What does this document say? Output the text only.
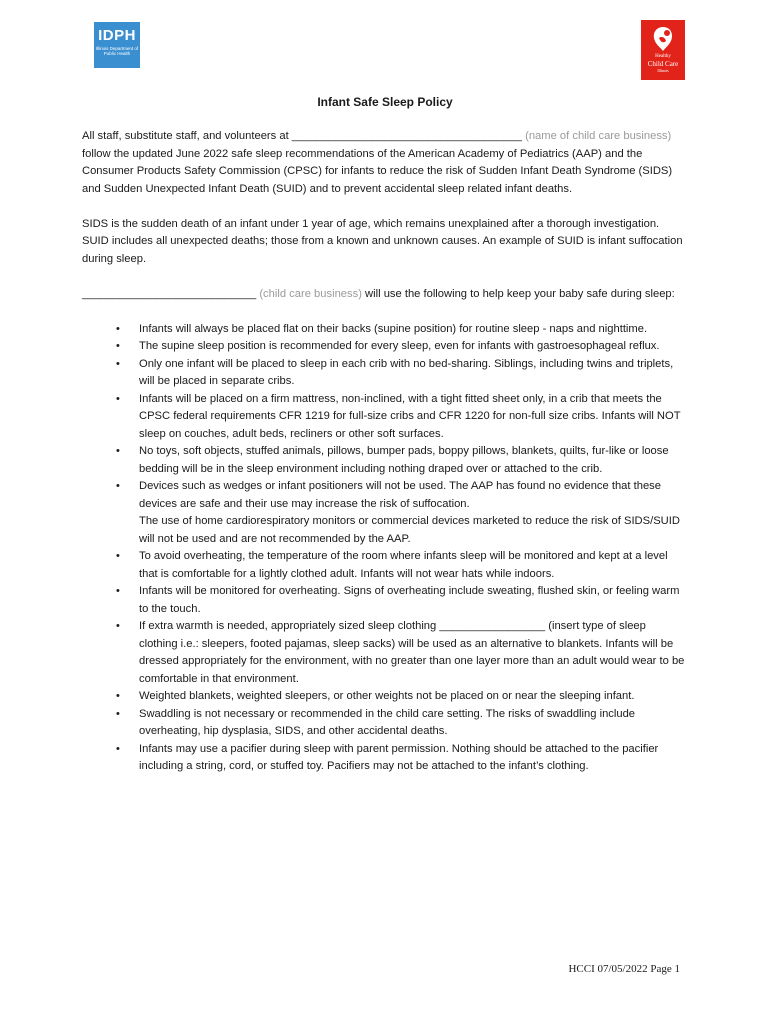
IDPH
Illinois Department of Public Health
Healthy
Child Care
Illinois
Infant Safe Sleep Policy

All staff, substitute staff, and volunteers at _____________________________________ (name of child care business) follow the updated June 2022 safe sleep recommendations of the American Academy of Pediatrics (AAP) and the Consumer Products Safety Commission (CPSC) for infants to reduce the risk of Sudden Infant Death Syndrome (SIDS) and Sudden Unexpected Infant Death (SUID) and to prevent accidental sleep related infant deaths.

SIDS is the sudden death of an infant under 1 year of age, which remains unexplained after a thorough investigation. SUID includes all unexpected deaths; those from a known and unknown causes. An example of SUID is infant suffocation during sleep.

____________________________ (child care business) will use the following to help keep your baby safe during sleep:

• Infants will always be placed flat on their backs (supine position) for routine sleep - naps and nighttime.
• The supine sleep position is recommended for every sleep, even for infants with gastroesophageal reflux.
• Only one infant will be placed to sleep in each crib with no bed-sharing. Siblings, including twins and triplets, will be placed in separate cribs.
• Infants will be placed on a firm mattress, non-inclined, with a tight fitted sheet only, in a crib that meets the CPSC federal requirements CFR 1219 for full-size cribs and CFR 1220 for non-full size cribs. Infants will NOT sleep on couches, adult beds, recliners or other soft surfaces.
• No toys, soft objects, stuffed animals, pillows, bumper pads, boppy pillows, blankets, quilts, fur-like or loose bedding will be in the sleep environment including nothing draped over or attached to the crib.
• Devices such as wedges or infant positioners will not be used. The AAP has found no evidence that these devices are safe and their use may increase the risk of suffocation.
The use of home cardiorespiratory monitors or commercial devices marketed to reduce the risk of SIDS/SUID will not be used and are not recommended by the AAP.
• To avoid overheating, the temperature of the room where infants sleep will be monitored and kept at a level that is comfortable for a lightly clothed adult. Infants will not wear hats while indoors.
• Infants will be monitored for overheating. Signs of overheating include sweating, flushed skin, or feeling warm to the touch.
• If extra warmth is needed, appropriately sized sleep clothing _________________ (insert type of sleep clothing i.e.: sleepers, footed pajamas, sleep sacks) will be used as an alternative to blankets. Infants will be dressed appropriately for the environment, with no greater than one layer more than an adult would wear to be comfortable in that environment.
• Weighted blankets, weighted sleepers, or other weights not be placed on or near the sleeping infant.
• Swaddling is not necessary or recommended in the child care setting. The risks of swaddling include overheating, hip dysplasia, SIDS, and other accidental deaths.
• Infants may use a pacifier during sleep with parent permission. Nothing should be attached to the pacifier including a string, cord, or stuffed toy. Pacifiers may not be attached to the infant’s clothing.
HCCI 07/05/2022 Page 1
